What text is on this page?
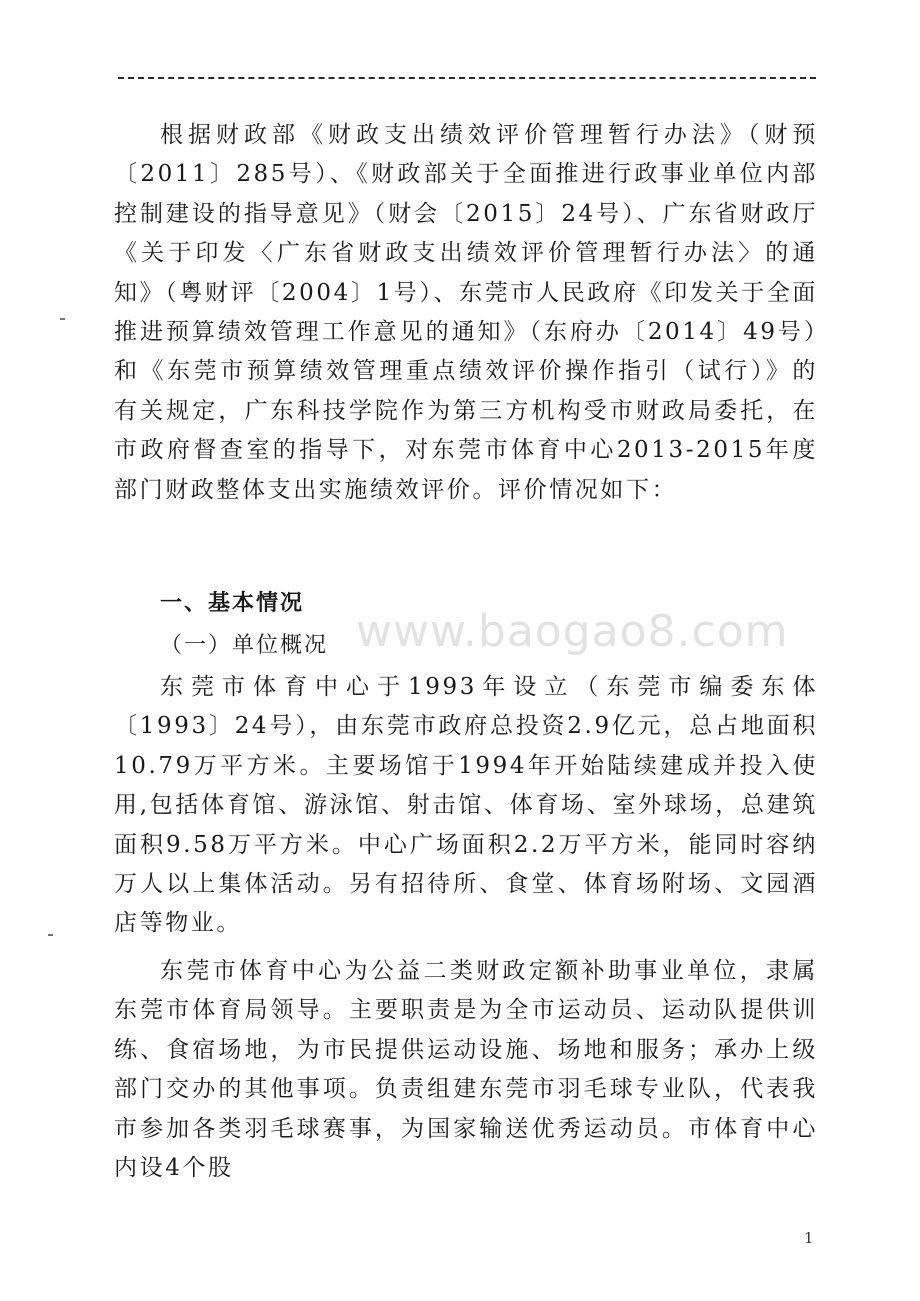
根据财政部《财政支出绩效评价管理暂行办法》（财预〔2011〕285号）、《财政部关于全面推进行政事业单位内部控制建设的指导意见》（财会〔2015〕24号）、广东省财政厅《关于印发〈广东省财政支出绩效评价管理暂行办法〉的通知》（粤财评〔2004〕1号）、东莞市人民政府《印发关于全面推进预算绩效管理工作意见的通知》（东府办〔2014〕49号）和《东莞市预算绩效管理重点绩效评价操作指引（试行）》的有关规定，广东科技学院作为第三方机构受市财政局委托，在市政府督查室的指导下，对东莞市体育中心2013-2015年度部门财政整体支出实施绩效评价。评价情况如下：

一、基本情况
（一）单位概况 www.baogao8.com

东莞市体育中心于1993年设立（东莞市编委东体〔1993〕24号），由东莞市政府总投资2.9亿元，总占地面积10.79万平方米。主要场馆于1994年开始陆续建成并投入使用,包括体育馆、游泳馆、射击馆、体育场、室外球场，总建筑面积9.58万平方米。中心广场面积2.2万平方米，能同时容纳万人以上集体活动。另有招待所、食堂、体育场附场、文园酒店等物业。

东莞市体育中心为公益二类财政定额补助事业单位，隶属东莞市体育局领导。主要职责是为全市运动员、运动队提供训练、食宿场地，为市民提供运动设施、场地和服务；承办上级部门交办的其他事项。负责组建东莞市羽毛球专业队，代表我市参加各类羽毛球赛事，为国家输送优秀运动员。市体育中心内设4个股

1
